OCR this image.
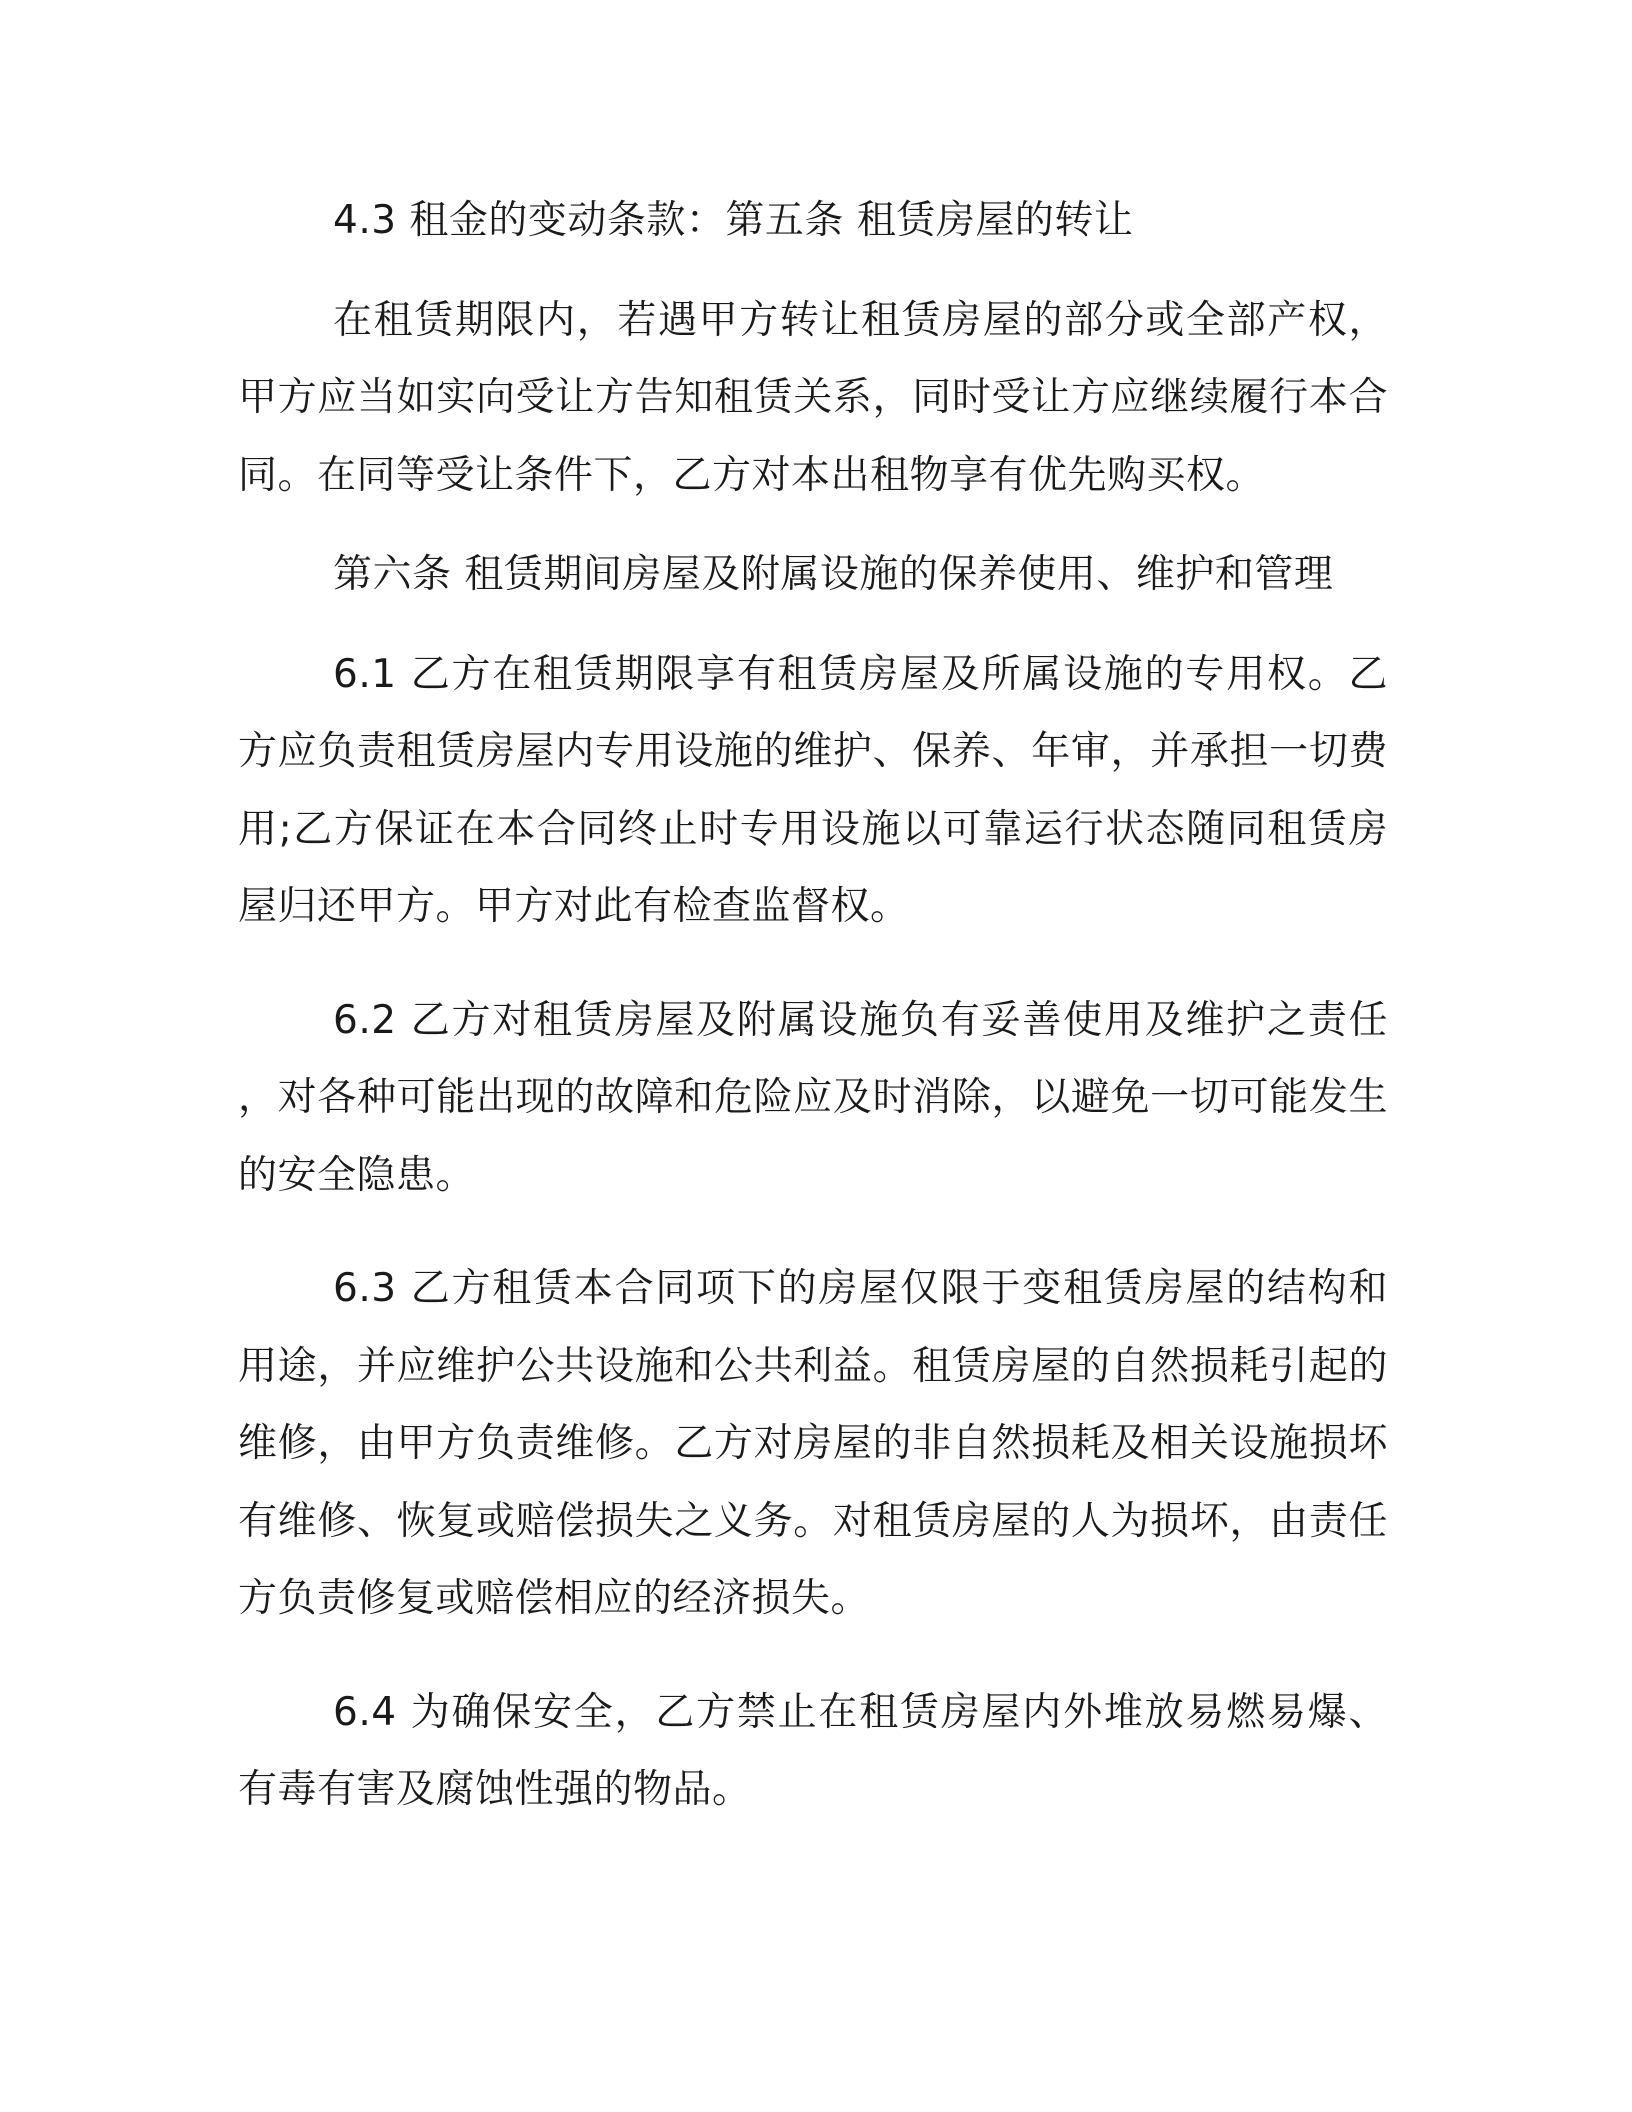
4.3 租金的变动条款：第五条 租赁房屋的转让

在租赁期限内，若遇甲方转让租赁房屋的部分或全部产权，甲方应当如实向受让方告知租赁关系，同时受让方应继续履行本合同。在同等受让条件下，乙方对本出租物享有优先购买权。

第六条 租赁期间房屋及附属设施的保养使用、维护和管理

6.1 乙方在租赁期限享有租赁房屋及所属设施的专用权。乙方应负责租赁房屋内专用设施的维护、保养、年审，并承担一切费用;乙方保证在本合同终止时专用设施以可靠运行状态随同租赁房屋归还甲方。甲方对此有检查监督权。

6.2 乙方对租赁房屋及附属设施负有妥善使用及维护之责任，对各种可能出现的故障和危险应及时消除，以避免一切可能发生的安全隐患。

6.3 乙方租赁本合同项下的房屋仅限于变租赁房屋的结构和用途，并应维护公共设施和公共利益。租赁房屋的自然损耗引起的维修，由甲方负责维修。乙方对房屋的非自然损耗及相关设施损坏有维修、恢复或赔偿损失之义务。对租赁房屋的人为损坏，由责任方负责修复或赔偿相应的经济损失。

6.4 为确保安全，乙方禁止在租赁房屋内外堆放易燃易爆、有毒有害及腐蚀性强的物品。
